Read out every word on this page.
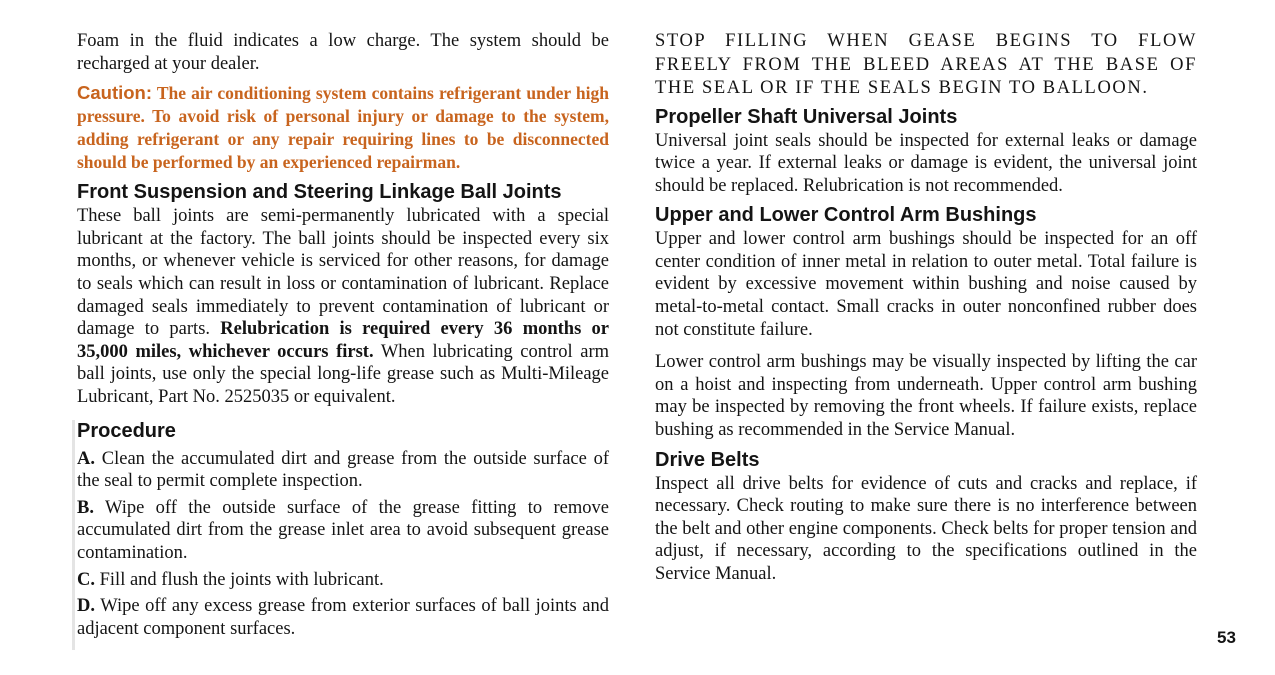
Foam in the fluid indicates a low charge. The system should be recharged at your dealer.

Caution: The air conditioning system contains refrigerant under high pressure. To avoid risk of personal injury or damage to the system, adding refrigerant or any repair requiring lines to be disconnected should be performed by an experienced repairman.

Front Suspension and Steering Linkage Ball Joints

These ball joints are semi-permanently lubricated with a special lubricant at the factory. The ball joints should be inspected every six months, or whenever vehicle is serviced for other reasons, for damage to seals which can result in loss or contamination of lubricant. Replace damaged seals immediately to prevent contamination of lubricant or damage to parts. Relubrication is required every 36 months or 35,000 miles, whichever occurs first. When lubricating control arm ball joints, use only the special long-life grease such as Multi-Mileage Lubricant, Part No. 2525035 or equivalent.

Procedure

A. Clean the accumulated dirt and grease from the outside surface of the seal to permit complete inspection.

B. Wipe off the outside surface of the grease fitting to remove accumulated dirt from the grease inlet area to avoid subsequent grease contamination.

C. Fill and flush the joints with lubricant.

D. Wipe off any excess grease from exterior surfaces of ball joints and adjacent component surfaces.

STOP FILLING WHEN GEASE BEGINS TO FLOW FREELY FROM THE BLEED AREAS AT THE BASE OF THE SEAL OR IF THE SEALS BEGIN TO BALLOON.

Propeller Shaft Universal Joints

Universal joint seals should be inspected for external leaks or damage twice a year. If external leaks or damage is evident, the universal joint should be replaced. Relubrication is not recommended.

Upper and Lower Control Arm Bushings

Upper and lower control arm bushings should be inspected for an off center condition of inner metal in relation to outer metal. Total failure is evident by excessive movement within bushing and noise caused by metal-to-metal contact. Small cracks in outer nonconfined rubber does not constitute failure.

Lower control arm bushings may be visually inspected by lifting the car on a hoist and inspecting from underneath. Upper control arm bushing may be inspected by removing the front wheels. If failure exists, replace bushing as recommended in the Service Manual.

Drive Belts

Inspect all drive belts for evidence of cuts and cracks and replace, if necessary. Check routing to make sure there is no interference between the belt and other engine components. Check belts for proper tension and adjust, if necessary, according to the specifications outlined in the Service Manual.

53
